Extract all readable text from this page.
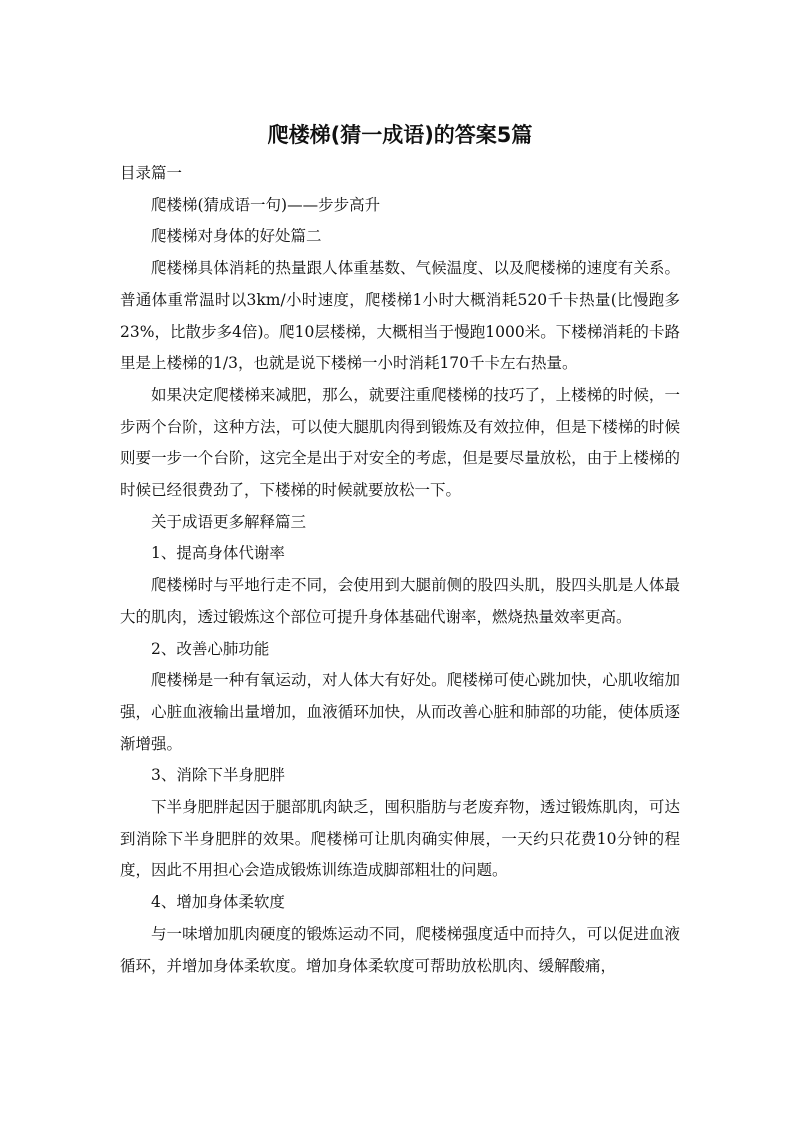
爬楼梯(猜一成语)的答案5篇

目录篇一

爬楼梯(猜成语一句)——步步高升

爬楼梯对身体的好处篇二

爬楼梯具体消耗的热量跟人体重基数、气候温度、以及爬楼梯的速度有关系。普通体重常温时以3km/小时速度，爬楼梯1小时大概消耗520千卡热量(比慢跑多23%，比散步多4倍)。爬10层楼梯，大概相当于慢跑1000米。下楼梯消耗的卡路里是上楼梯的1/3，也就是说下楼梯一小时消耗170千卡左右热量。

如果决定爬楼梯来减肥，那么，就要注重爬楼梯的技巧了，上楼梯的时候，一步两个台阶，这种方法，可以使大腿肌肉得到锻炼及有效拉伸，但是下楼梯的时候则要一步一个台阶，这完全是出于对安全的考虑，但是要尽量放松，由于上楼梯的时候已经很费劲了，下楼梯的时候就要放松一下。

关于成语更多解释篇三

1、提高身体代谢率

爬楼梯时与平地行走不同，会使用到大腿前侧的股四头肌，股四头肌是人体最大的肌肉，透过锻炼这个部位可提升身体基础代谢率，燃烧热量效率更高。

2、改善心肺功能

爬楼梯是一种有氧运动，对人体大有好处。爬楼梯可使心跳加快，心肌收缩加强，心脏血液输出量增加，血液循环加快，从而改善心脏和肺部的功能，使体质逐渐增强。

3、消除下半身肥胖

下半身肥胖起因于腿部肌肉缺乏，囤积脂肪与老废弃物，透过锻炼肌肉，可达到消除下半身肥胖的效果。爬楼梯可让肌肉确实伸展，一天约只花费10分钟的程度，因此不用担心会造成锻炼训练造成脚部粗壮的问题。

4、增加身体柔软度

与一味增加肌肉硬度的锻炼运动不同，爬楼梯强度适中而持久，可以促进血液循环，并增加身体柔软度。增加身体柔软度可帮助放松肌肉、缓解酸痛，
